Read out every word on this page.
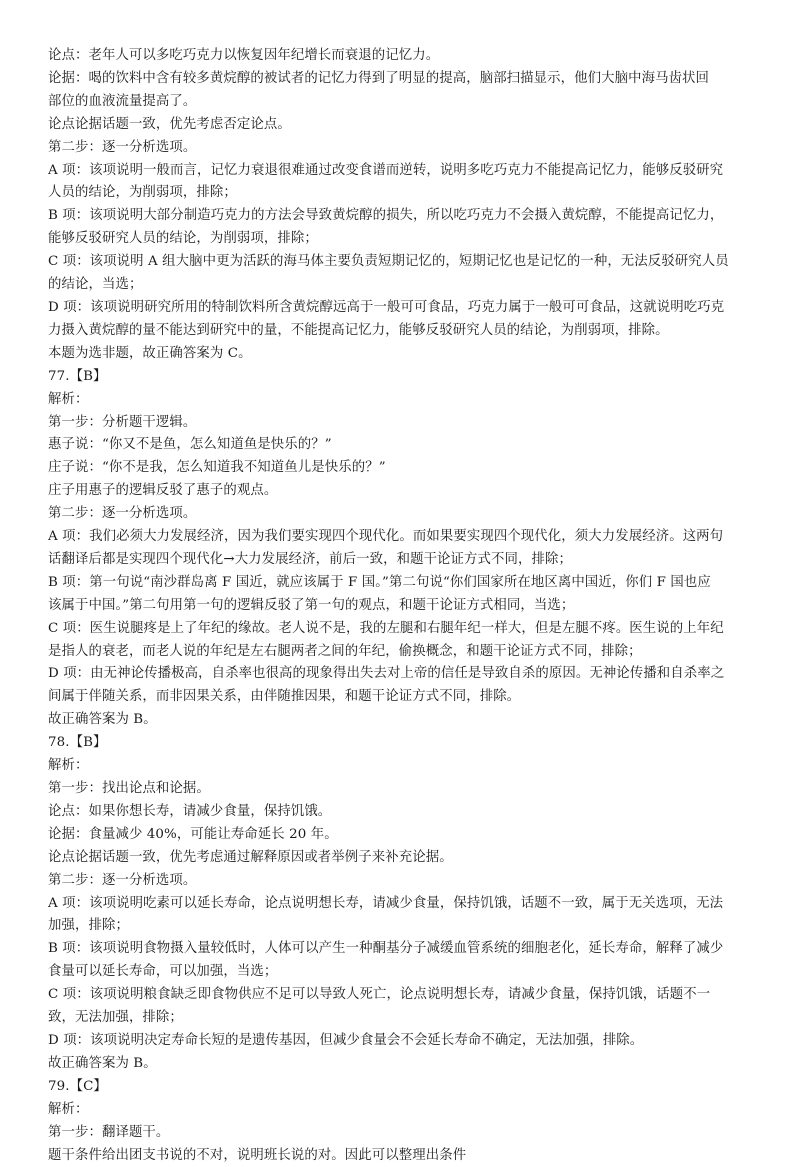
论点：老年人可以多吃巧克力以恢复因年纪增长而衰退的记忆力。
论据：喝的饮料中含有较多黄烷醇的被试者的记忆力得到了明显的提高，脑部扫描显示，他们大脑中海马齿状回
部位的血液流量提高了。
论点论据话题一致，优先考虑否定论点。
第二步：逐一分析选项。
A 项：该项说明一般而言，记忆力衰退很难通过改变食谱而逆转，说明多吃巧克力不能提高记忆力，能够反驳研究
人员的结论，为削弱项，排除；
B 项：该项说明大部分制造巧克力的方法会导致黄烷醇的损失，所以吃巧克力不会摄入黄烷醇，不能提高记忆力，
能够反驳研究人员的结论，为削弱项，排除；
C 项：该项说明 A 组大脑中更为活跃的海马体主要负责短期记忆的，短期记忆也是记忆的一种，无法反驳研究人员
的结论，当选；
D 项：该项说明研究所用的特制饮料所含黄烷醇远高于一般可可食品，巧克力属于一般可可食品，这就说明吃巧克
力摄入黄烷醇的量不能达到研究中的量，不能提高记忆力，能够反驳研究人员的结论，为削弱项，排除。
本题为选非题，故正确答案为 C。
77.【B】
解析：
第一步：分析题干逻辑。
惠子说：“你又不是鱼，怎么知道鱼是快乐的？”
庄子说：“你不是我，怎么知道我不知道鱼儿是快乐的？”
庄子用惠子的逻辑反驳了惠子的观点。
第二步：逐一分析选项。
A 项：我们必须大力发展经济，因为我们要实现四个现代化。而如果要实现四个现代化，须大力发展经济。这两句
话翻译后都是实现四个现代化→大力发展经济，前后一致，和题干论证方式不同，排除；
B 项：第一句说“南沙群岛离 F 国近，就应该属于 F 国。”第二句说“你们国家所在地区离中国近，你们 F 国也应
该属于中国。”第二句用第一句的逻辑反驳了第一句的观点，和题干论证方式相同，当选；
C 项：医生说腿疼是上了年纪的缘故。老人说不是，我的左腿和右腿年纪一样大，但是左腿不疼。医生说的上年纪
是指人的衰老，而老人说的年纪是左右腿两者之间的年纪，偷换概念，和题干论证方式不同，排除；
D 项：由无神论传播极高，自杀率也很高的现象得出失去对上帝的信任是导致自杀的原因。无神论传播和自杀率之
间属于伴随关系，而非因果关系，由伴随推因果，和题干论证方式不同，排除。
故正确答案为 B。
78.【B】
解析：
第一步：找出论点和论据。
论点：如果你想长寿，请减少食量，保持饥饿。
论据：食量减少 40%，可能让寿命延长 20 年。
论点论据话题一致，优先考虑通过解释原因或者举例子来补充论据。
第二步：逐一分析选项。
A 项：该项说明吃素可以延长寿命，论点说明想长寿，请减少食量，保持饥饿，话题不一致，属于无关选项，无法
加强，排除；
B 项：该项说明食物摄入量较低时，人体可以产生一种酮基分子减缓血管系统的细胞老化，延长寿命，解释了减少
食量可以延长寿命，可以加强，当选；
C 项：该项说明粮食缺乏即食物供应不足可以导致人死亡，论点说明想长寿，请减少食量，保持饥饿，话题不一
致，无法加强，排除；
D 项：该项说明决定寿命长短的是遗传基因，但减少食量会不会延长寿命不确定，无法加强，排除。
故正确答案为 B。
79.【C】
解析：
第一步：翻译题干。
题干条件给出团支书说的不对，说明班长说的对。因此可以整理出条件
